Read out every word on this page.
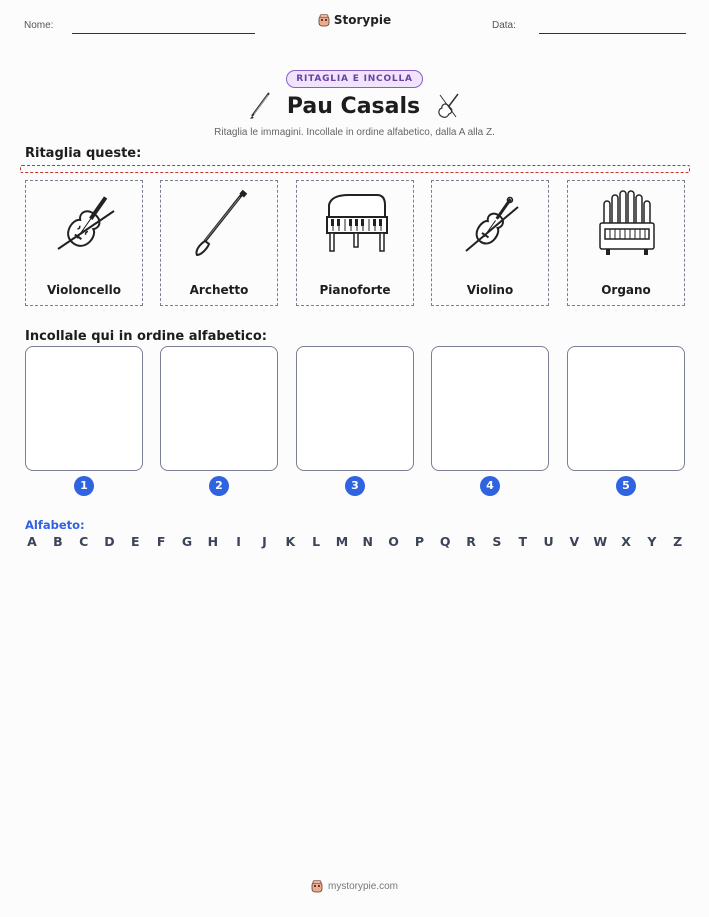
Nome:	Storypie	Data:
RITAGLIA E INCOLLA
Pau Casals
Ritaglia le immagini. Incollale in ordine alfabetico, dalla A alla Z.
Ritaglia queste:
Violoncello	Archetto	Pianoforte	Violino	Organo
Incollale qui in ordine alfabetico:
1	2	3	4	5
Alfabeto:
A B C D E F G H	I	J	K L M N O P Q R S T U V W X Y Z
mystorypie.com
